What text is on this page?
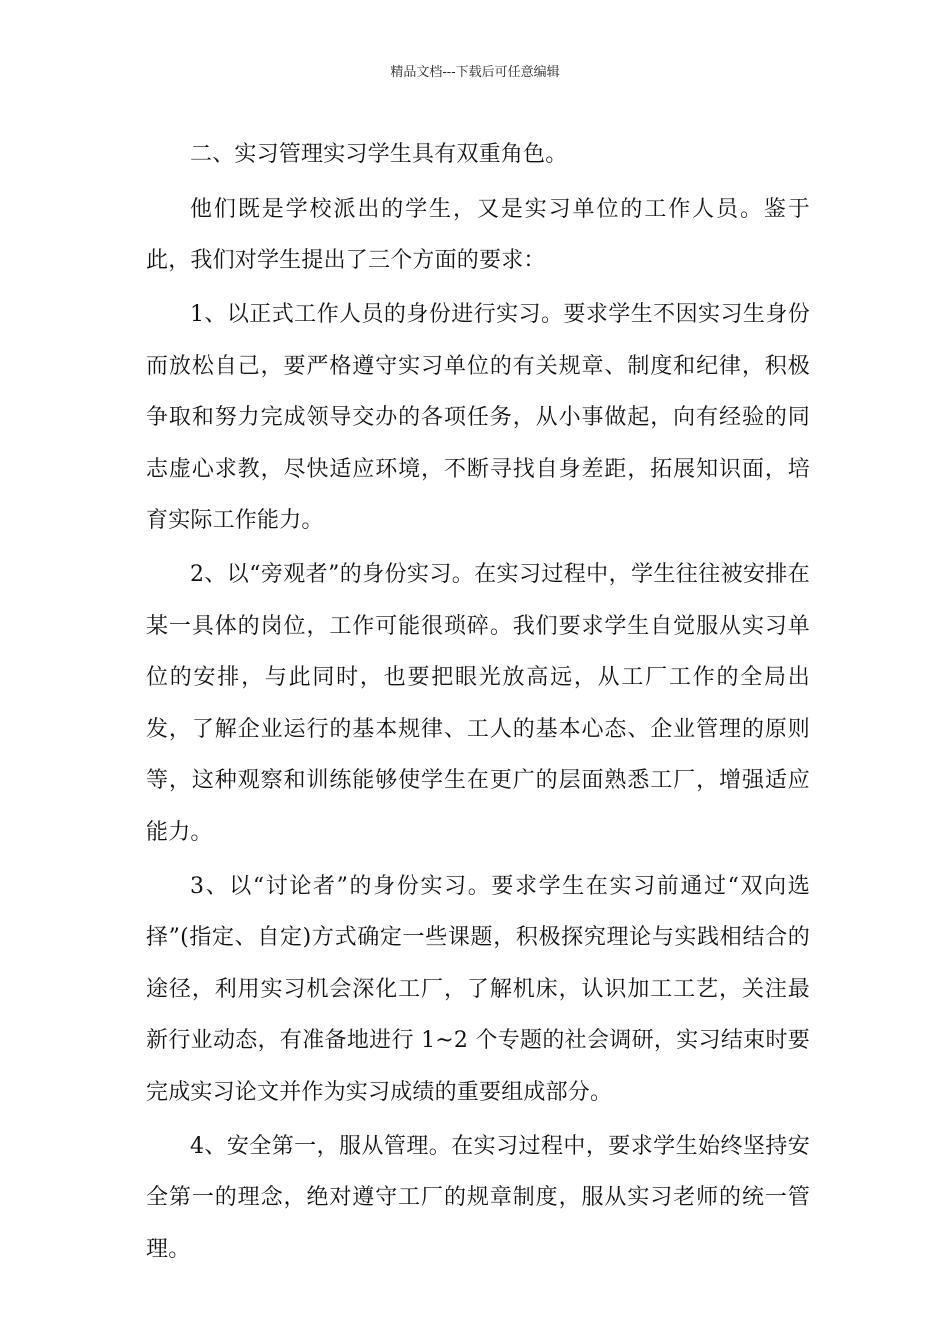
精品文档---下载后可任意编辑

二、实习管理实习学生具有双重角色。

他们既是学校派出的学生，又是实习单位的工作人员。鉴于此，我们对学生提出了三个方面的要求：

1、以正式工作人员的身份进行实习。要求学生不因实习生身份而放松自己，要严格遵守实习单位的有关规章、制度和纪律，积极争取和努力完成领导交办的各项任务，从小事做起，向有经验的同志虚心求教，尽快适应环境，不断寻找自身差距，拓展知识面，培育实际工作能力。

2、以“旁观者”的身份实习。在实习过程中，学生往往被安排在某一具体的岗位，工作可能很琐碎。我们要求学生自觉服从实习单位的安排，与此同时，也要把眼光放高远，从工厂工作的全局出发，了解企业运行的基本规律、工人的基本心态、企业管理的原则等，这种观察和训练能够使学生在更广的层面熟悉工厂，增强适应能力。

3、以“讨论者”的身份实习。要求学生在实习前通过“双向选择”(指定、自定)方式确定一些课题，积极探究理论与实践相结合的途径，利用实习机会深化工厂，了解机床，认识加工工艺，关注最新行业动态，有准备地进行 1~2 个专题的社会调研，实习结束时要完成实习论文并作为实习成绩的重要组成部分。

4、安全第一，服从管理。在实习过程中，要求学生始终坚持安全第一的理念，绝对遵守工厂的规章制度，服从实习老师的统一管理。
